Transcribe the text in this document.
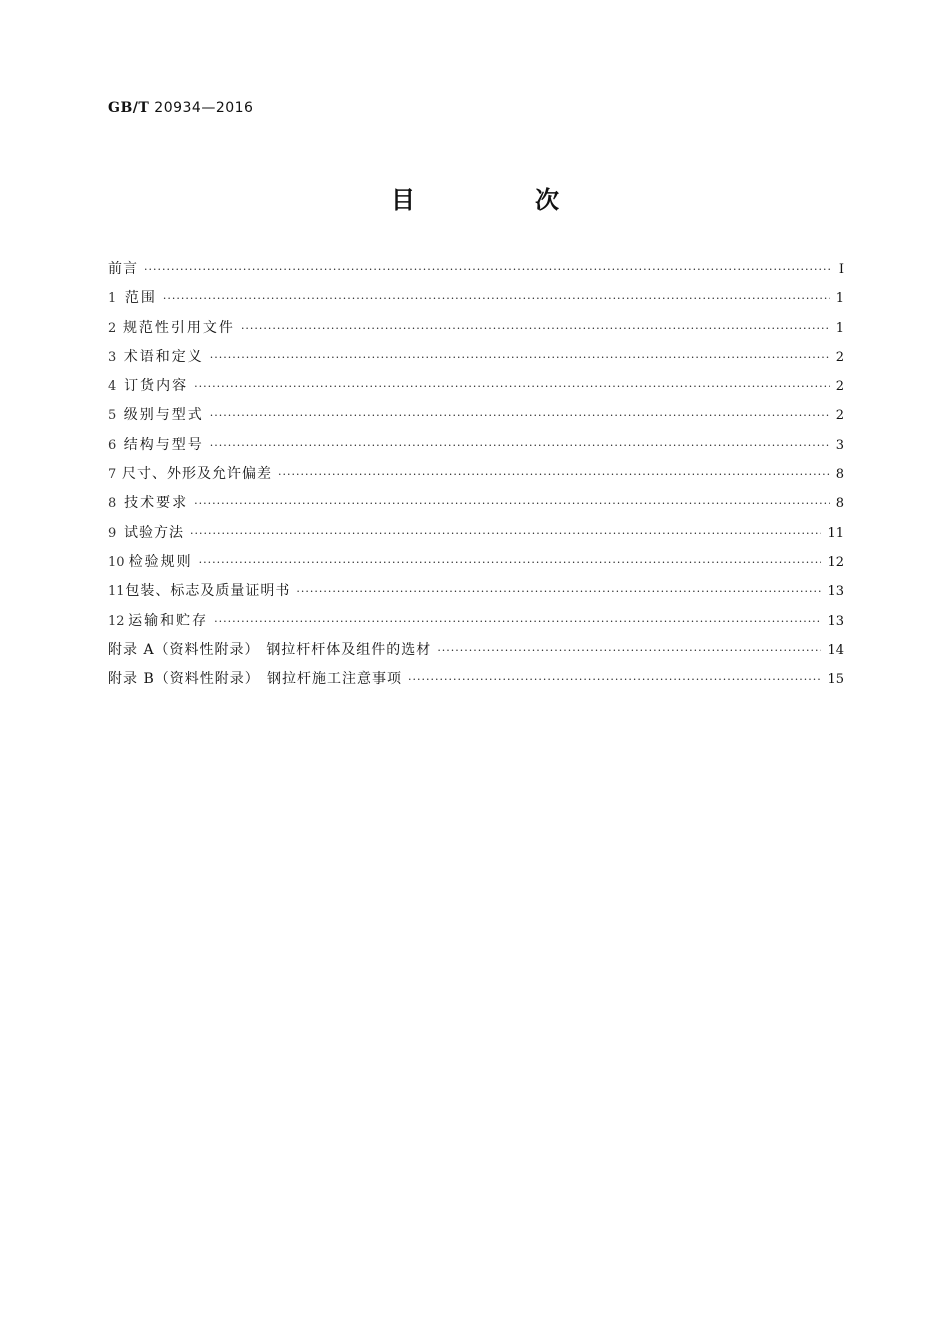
GB/T 20934—2016
目　次
前言 ·····	Ⅰ
1 范围 ·····	1
2 规范性引用文件 ·····	1
3 术语和定义 ·····	2
4 订货内容 ·····	2
5 级别与型式 ·····	2
6 结构与型号 ·····	3
7 尺寸、外形及允许偏差 ·····	8
8 技术要求 ·····	8
9 试验方法 ·····	11
10 检验规则 ·····	12
11 包装、标志及质量证明书 ·····	13
12 运输和贮存 ·····	13
附录 A（资料性附录） 钢拉杆杆体及组件的选材 ·····	14
附录 B（资料性附录） 钢拉杆施工注意事项 ·····	15
